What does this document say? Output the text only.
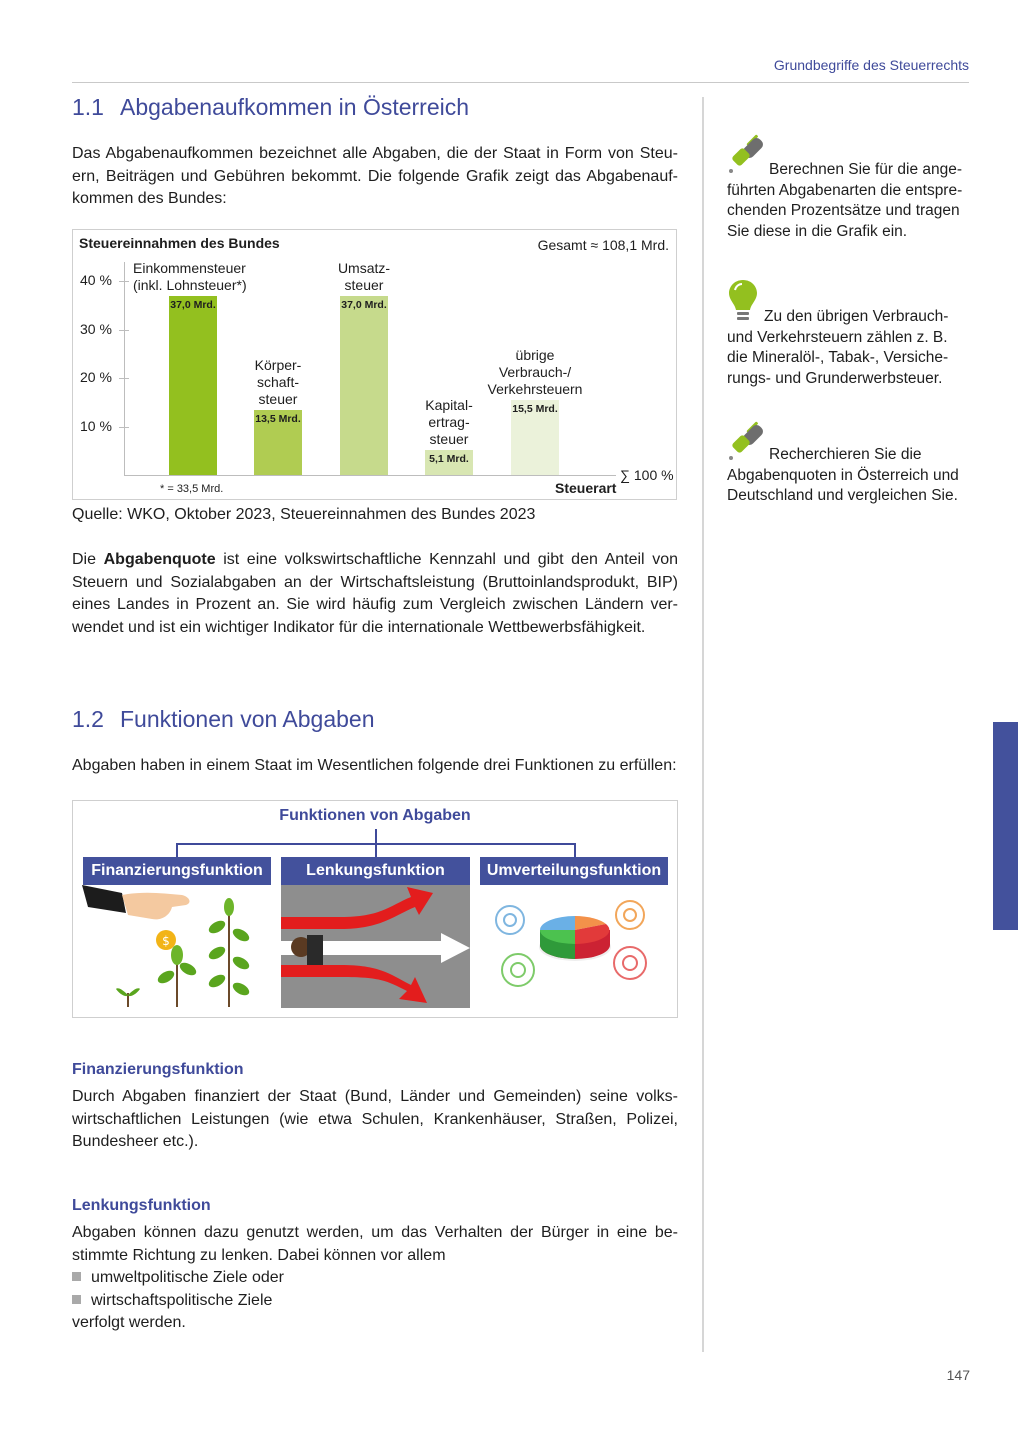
Grundbegriffe des Steuerrechts
147
1.1 Abgabenaufkommen in Österreich
Das Abgabenaufkommen bezeichnet alle Abgaben, die der Staat in Form von Steu-
ern, Beiträgen und Gebühren bekommt. Die folgende Grafik zeigt das Abgabenauf-
kommen des Bundes:
Steuereinnahmen des Bundes	Gesamt ≈ 108,1 Mrd.
10 %
20 %
30 %
40 %
37,0 Mrd.
Einkommensteuer
(inkl. Lohnsteuer*)
13,5 Mrd.
Körper-
schaft-
steuer
37,0 Mrd.
Umsatz-
steuer
5,1 Mrd.
Kapital-
ertrag-
steuer
15,5 Mrd.
übrige
Verbrauch-/
Verkehrsteuern
∑ 100 %
Steuerart
* = 33,5 Mrd.
Quelle: WKO, Oktober 2023, Steuereinnahmen des Bundes 2023
Die Abgabenquote ist eine volkswirtschaftliche Kennzahl und gibt den Anteil von
Steuern und Sozialabgaben an der Wirtschaftsleistung (Bruttoinlandsprodukt, BIP)
eines Landes in Prozent an. Sie wird häufig zum Vergleich zwischen Ländern ver-
wendet und ist ein wichtiger Indikator für die internationale Wettbewerbsfähigkeit.
Berechnen Sie für die ange-
führten Abgabenarten die entspre-
chenden Prozentsätze und tragen
Sie diese in die Grafik ein.
Zu den übrigen Verbrauch-
und Verkehrsteuern zählen z. B.
die Mineralöl-, Tabak-, Versiche-
rungs- und Grunderwerbsteuer.
Recherchieren Sie die
Abgabenquoten in Österreich und
Deutschland und vergleichen Sie.
1.2 Funktionen von Abgaben
Abgaben haben in einem Staat im Wesentlichen folgende drei Funktionen zu erfüllen:
Funktionen von Abgaben
Finanzierungsfunktion	Lenkungsfunktion	Umverteilungsfunktion
$
Finanzierungsfunktion
Durch Abgaben finanziert der Staat (Bund, Länder und Gemeinden) seine volks-
wirtschaftlichen Leistungen (wie etwa Schulen, Krankenhäuser, Straßen, Polizei,
Bundesheer etc.).
Lenkungsfunktion
Abgaben können dazu genutzt werden, um das Verhalten der Bürger in eine be-
stimmte Richtung zu lenken. Dabei können vor allem
umweltpolitische Ziele oder
wirtschaftspolitische Ziele
verfolgt werden.
